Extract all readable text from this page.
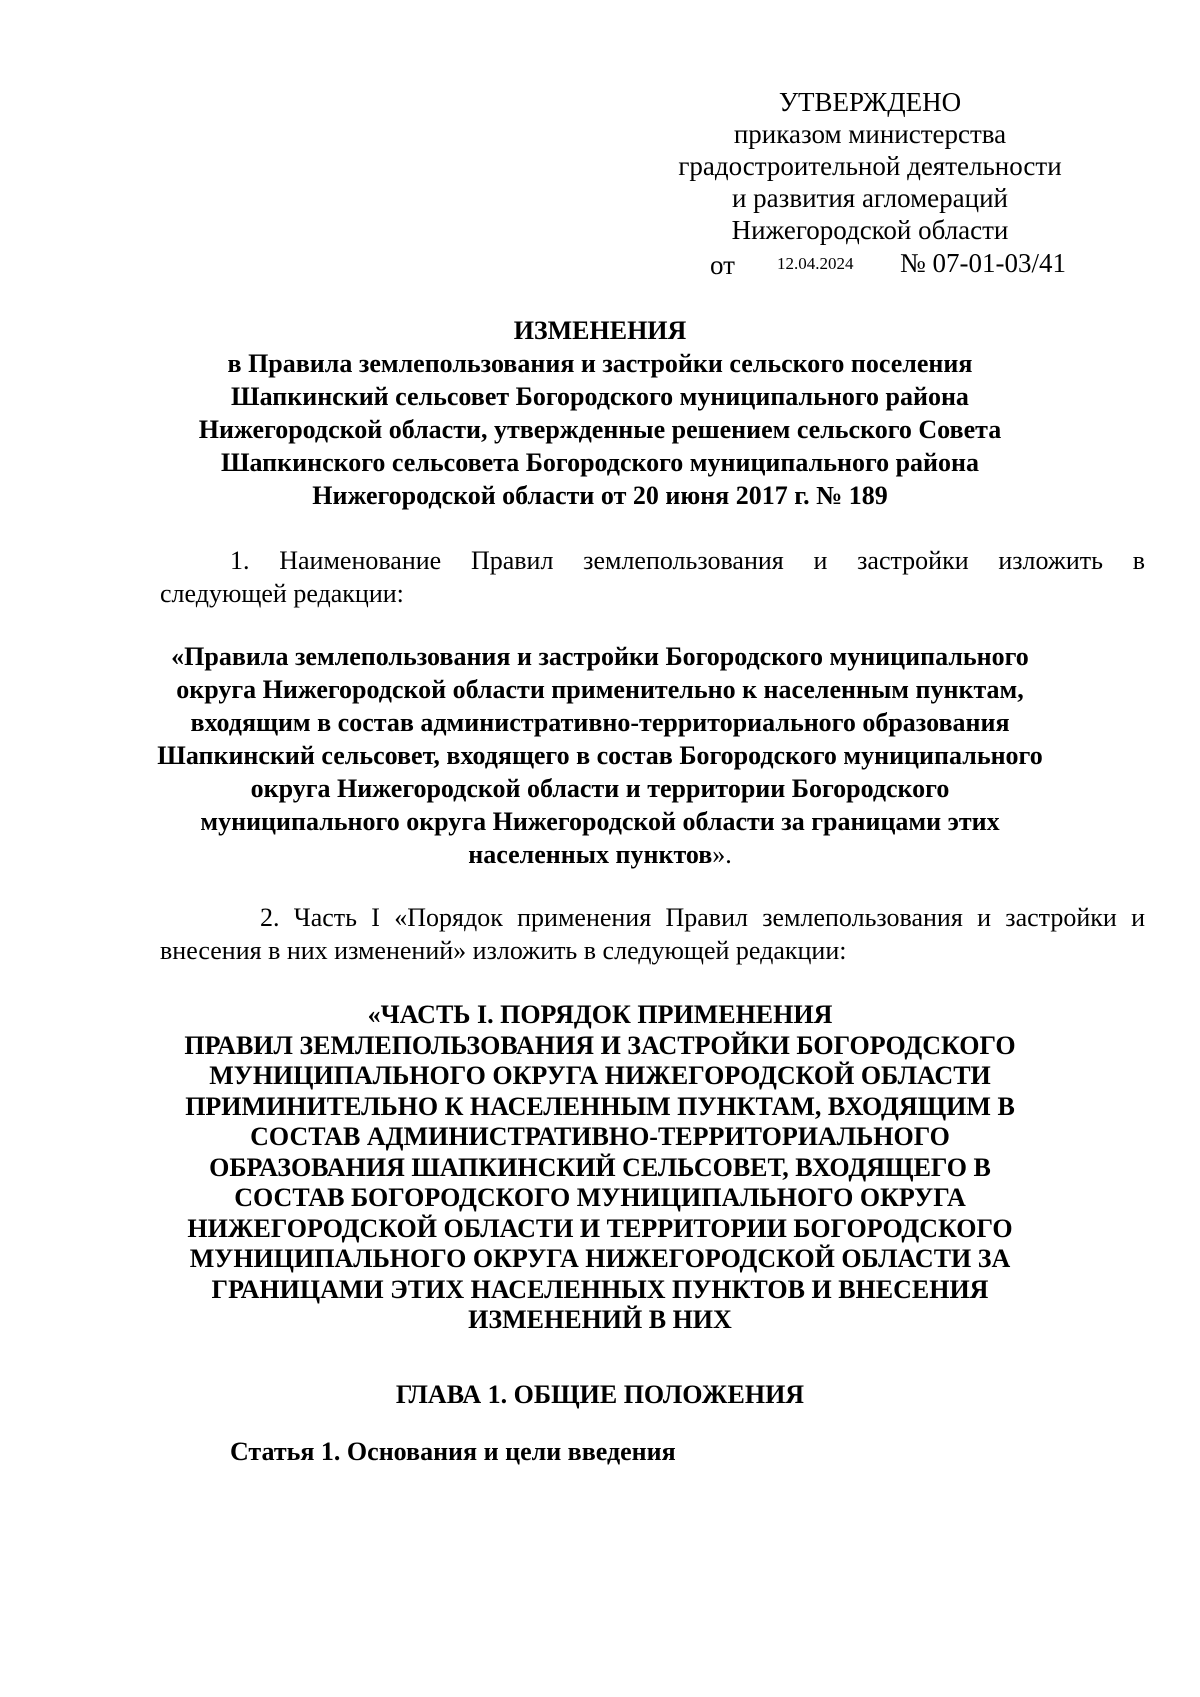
УТВЕРЖДЕНО
приказом министерства
градостроительной деятельности
и развития агломераций
Нижегородской области
от 12.04.2024 № 07-01-03/41
ИЗМЕНЕНИЯ
в Правила землепользования и застройки сельского поселения
Шапкинский сельсовет Богородского муниципального района
Нижегородской области, утвержденные решением сельского Совета
Шапкинского сельсовета Богородского муниципального района
Нижегородской области от 20 июня 2017 г. № 189
1. Наименование Правил землепользования и застройки изложить в
следующей редакции:
«Правила землепользования и застройки Богородского муниципального
округа Нижегородской области применительно к населенным пунктам,
входящим в состав административно-территориального образования
Шапкинский сельсовет, входящего в состав Богородского муниципального
округа Нижегородской области и территории Богородского
муниципального округа Нижегородской области за границами этих
населенных пунктов».
2. Часть I «Порядок применения Правил землепользования и застройки и
внесения в них изменений» изложить в следующей редакции:
«ЧАСТЬ I. ПОРЯДОК ПРИМЕНЕНИЯ
ПРАВИЛ ЗЕМЛЕПОЛЬЗОВАНИЯ И ЗАСТРОЙКИ БОГОРОДСКОГО
МУНИЦИПАЛЬНОГО ОКРУГА НИЖЕГОРОДСКОЙ ОБЛАСТИ
ПРИМИНИТЕЛЬНО К НАСЕЛЕННЫМ ПУНКТАМ, ВХОДЯЩИМ В
СОСТАВ АДМИНИСТРАТИВНО-ТЕРРИТОРИАЛЬНОГО
ОБРАЗОВАНИЯ ШАПКИНСКИЙ СЕЛЬСОВЕТ, ВХОДЯЩЕГО В
СОСТАВ БОГОРОДСКОГО МУНИЦИПАЛЬНОГО ОКРУГА
НИЖЕГОРОДСКОЙ ОБЛАСТИ И ТЕРРИТОРИИ БОГОРОДСКОГО
МУНИЦИПАЛЬНОГО ОКРУГА НИЖЕГОРОДСКОЙ ОБЛАСТИ ЗА
ГРАНИЦАМИ ЭТИХ НАСЕЛЕННЫХ ПУНКТОВ И ВНЕСЕНИЯ
ИЗМЕНЕНИЙ В НИХ
ГЛАВА 1. ОБЩИЕ ПОЛОЖЕНИЯ
Статья 1. Основания и цели введения
